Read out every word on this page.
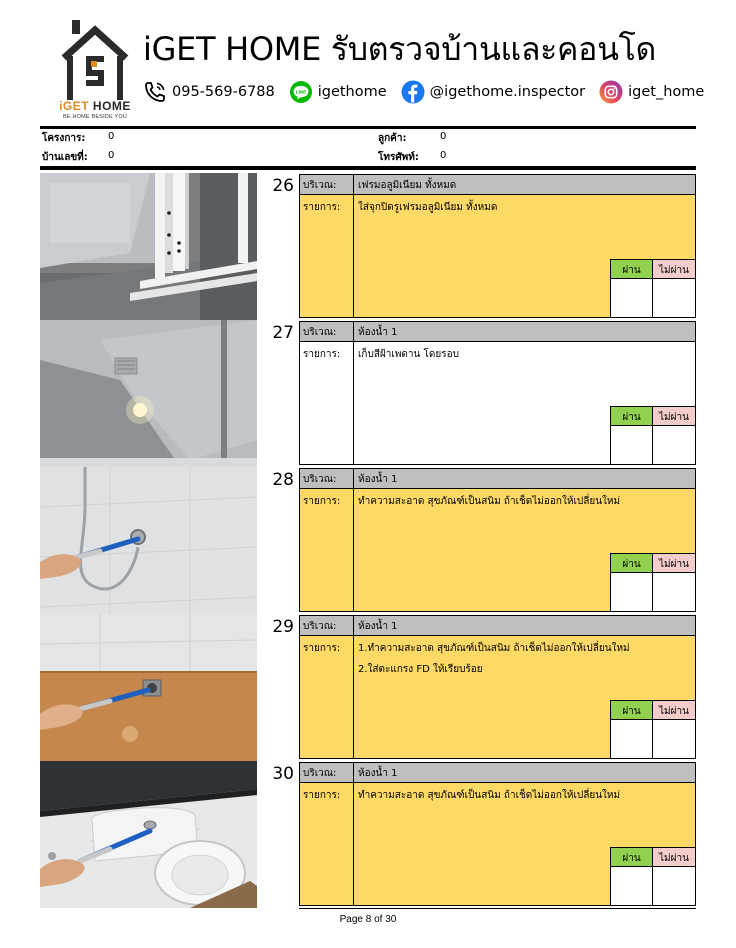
iGET HOME
BE HOME BESIDE YOU
iGET HOME รับตรวจบ้านและคอนโด
095-569-6788	LINE igethome	@igethome.inspector	iget_home
โครงการ: 0	ลูกค้า:	0
บ้านเลขที่: 0	โทรศัพท์: 0
26 บริเวณ:	เฟรมอลูมิเนียม ทั้งหมด
รายการ:	ใส่จุกปิดรูเฟรมอลูมิเนียม ทั้งหมด
ผ่าน	ไม่ผ่าน
27 บริเวณ:	ห้องน้ำ 1
รายการ:	เก็บสีฝ้าเพดาน โดยรอบ
ผ่าน	ไม่ผ่าน
28 บริเวณ:	ห้องน้ำ 1
รายการ:	ทำความสะอาด สุขภัณฑ์เป็นสนิม ถ้าเช็ดไม่ออกให้เปลี่ยนใหม่
ผ่าน	ไม่ผ่าน
29 บริเวณ:	ห้องน้ำ 1
รายการ:	1.ทำความสะอาด สุขภัณฑ์เป็นสนิม ถ้าเช็ดไม่ออกให้เปลี่ยนใหม่
2.ใส่ตะแกรง FD ให้เรียบร้อย
ผ่าน	ไม่ผ่าน
30 บริเวณ:	ห้องน้ำ 1
รายการ:	ทำความสะอาด สุขภัณฑ์เป็นสนิม ถ้าเช็ดไม่ออกให้เปลี่ยนใหม่
ผ่าน	ไม่ผ่าน
Page 8 of 30
